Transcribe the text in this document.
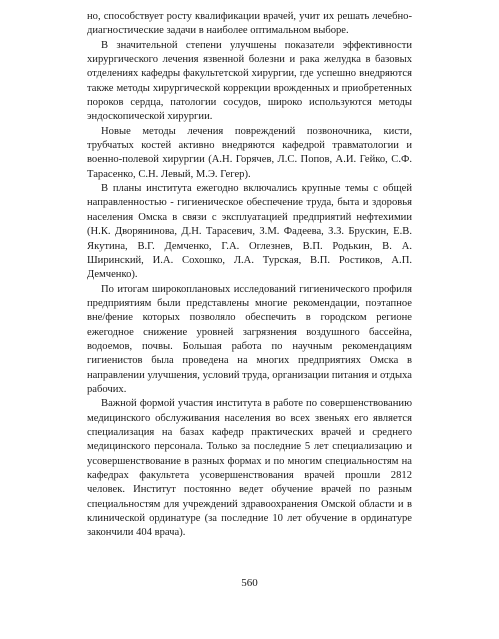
но, способствует росту квалификации врачей, учит их решать лечебно-диагностические задачи в наиболее оптимальном выборе.

В значительной степени улучшены показатели эффективности хирургического лечения язвенной болезни и рака желудка в базовых отделениях кафедры факультетской хирургии, где успешно внедряются также методы хирургической коррекции врожденных и приобретенных пороков сердца, патологии сосудов, широко используются методы эндоскопической хирургии.

Новые методы лечения повреждений позвоночника, кисти, трубчатых костей активно внедряются кафедрой травматологии и военно-полевой хирургии (А.Н. Горячев, Л.С. Попов, А.И. Гейко, С.Ф. Тарасенко, С.Н. Левый, М.Э. Гегер).

В планы института ежегодно включались крупные темы с общей направленностью - гигиеническое обеспечение труда, быта и здоровья населения Омска в связи с эксплуатацией предприятий нефтехимии (Н.К. Дворянинова, Д.Н. Тарасевич, З.М. Фадеева, З.З. Брускин, Е.В. Якутина, В.Г. Демченко, Г.А. Оглезнев, В.П. Родькин, В. А. Ширинский, И.А. Сохошко, Л.А. Турская, В.П. Ростиков, А.П. Демченко).

По итогам широкоплановых исследований гигиенического профиля предприятиям были представлены многие рекомендации, поэтапное вне/фение которых позволяло обеспечить в городском регионе ежегодное снижение уровней загрязнения воздушного бассейна, водоемов, почвы. Большая работа по научным рекомендациям гигиенистов была проведена на многих предприятиях Омска в направлении улучшения, условий труда, организации питания и отдыха рабочих.

Важной формой участия института в работе по совершенствованию медицинского обслуживания населения во всех звеньях его является специализация на базах кафедр практических врачей и среднего медицинского персонала. Только за последние 5 лет специализацию и усовершенствование в разных формах и по многим специальностям на кафедрах факультета усовершенствования врачей прошли 2812 человек. Институт постоянно ведет обучение врачей по разным специальностям для учреждений здравоохранения Омской области и в клинической ординатуре (за последние 10 лет обучение в ординатуре закончили 404 врача).

560
